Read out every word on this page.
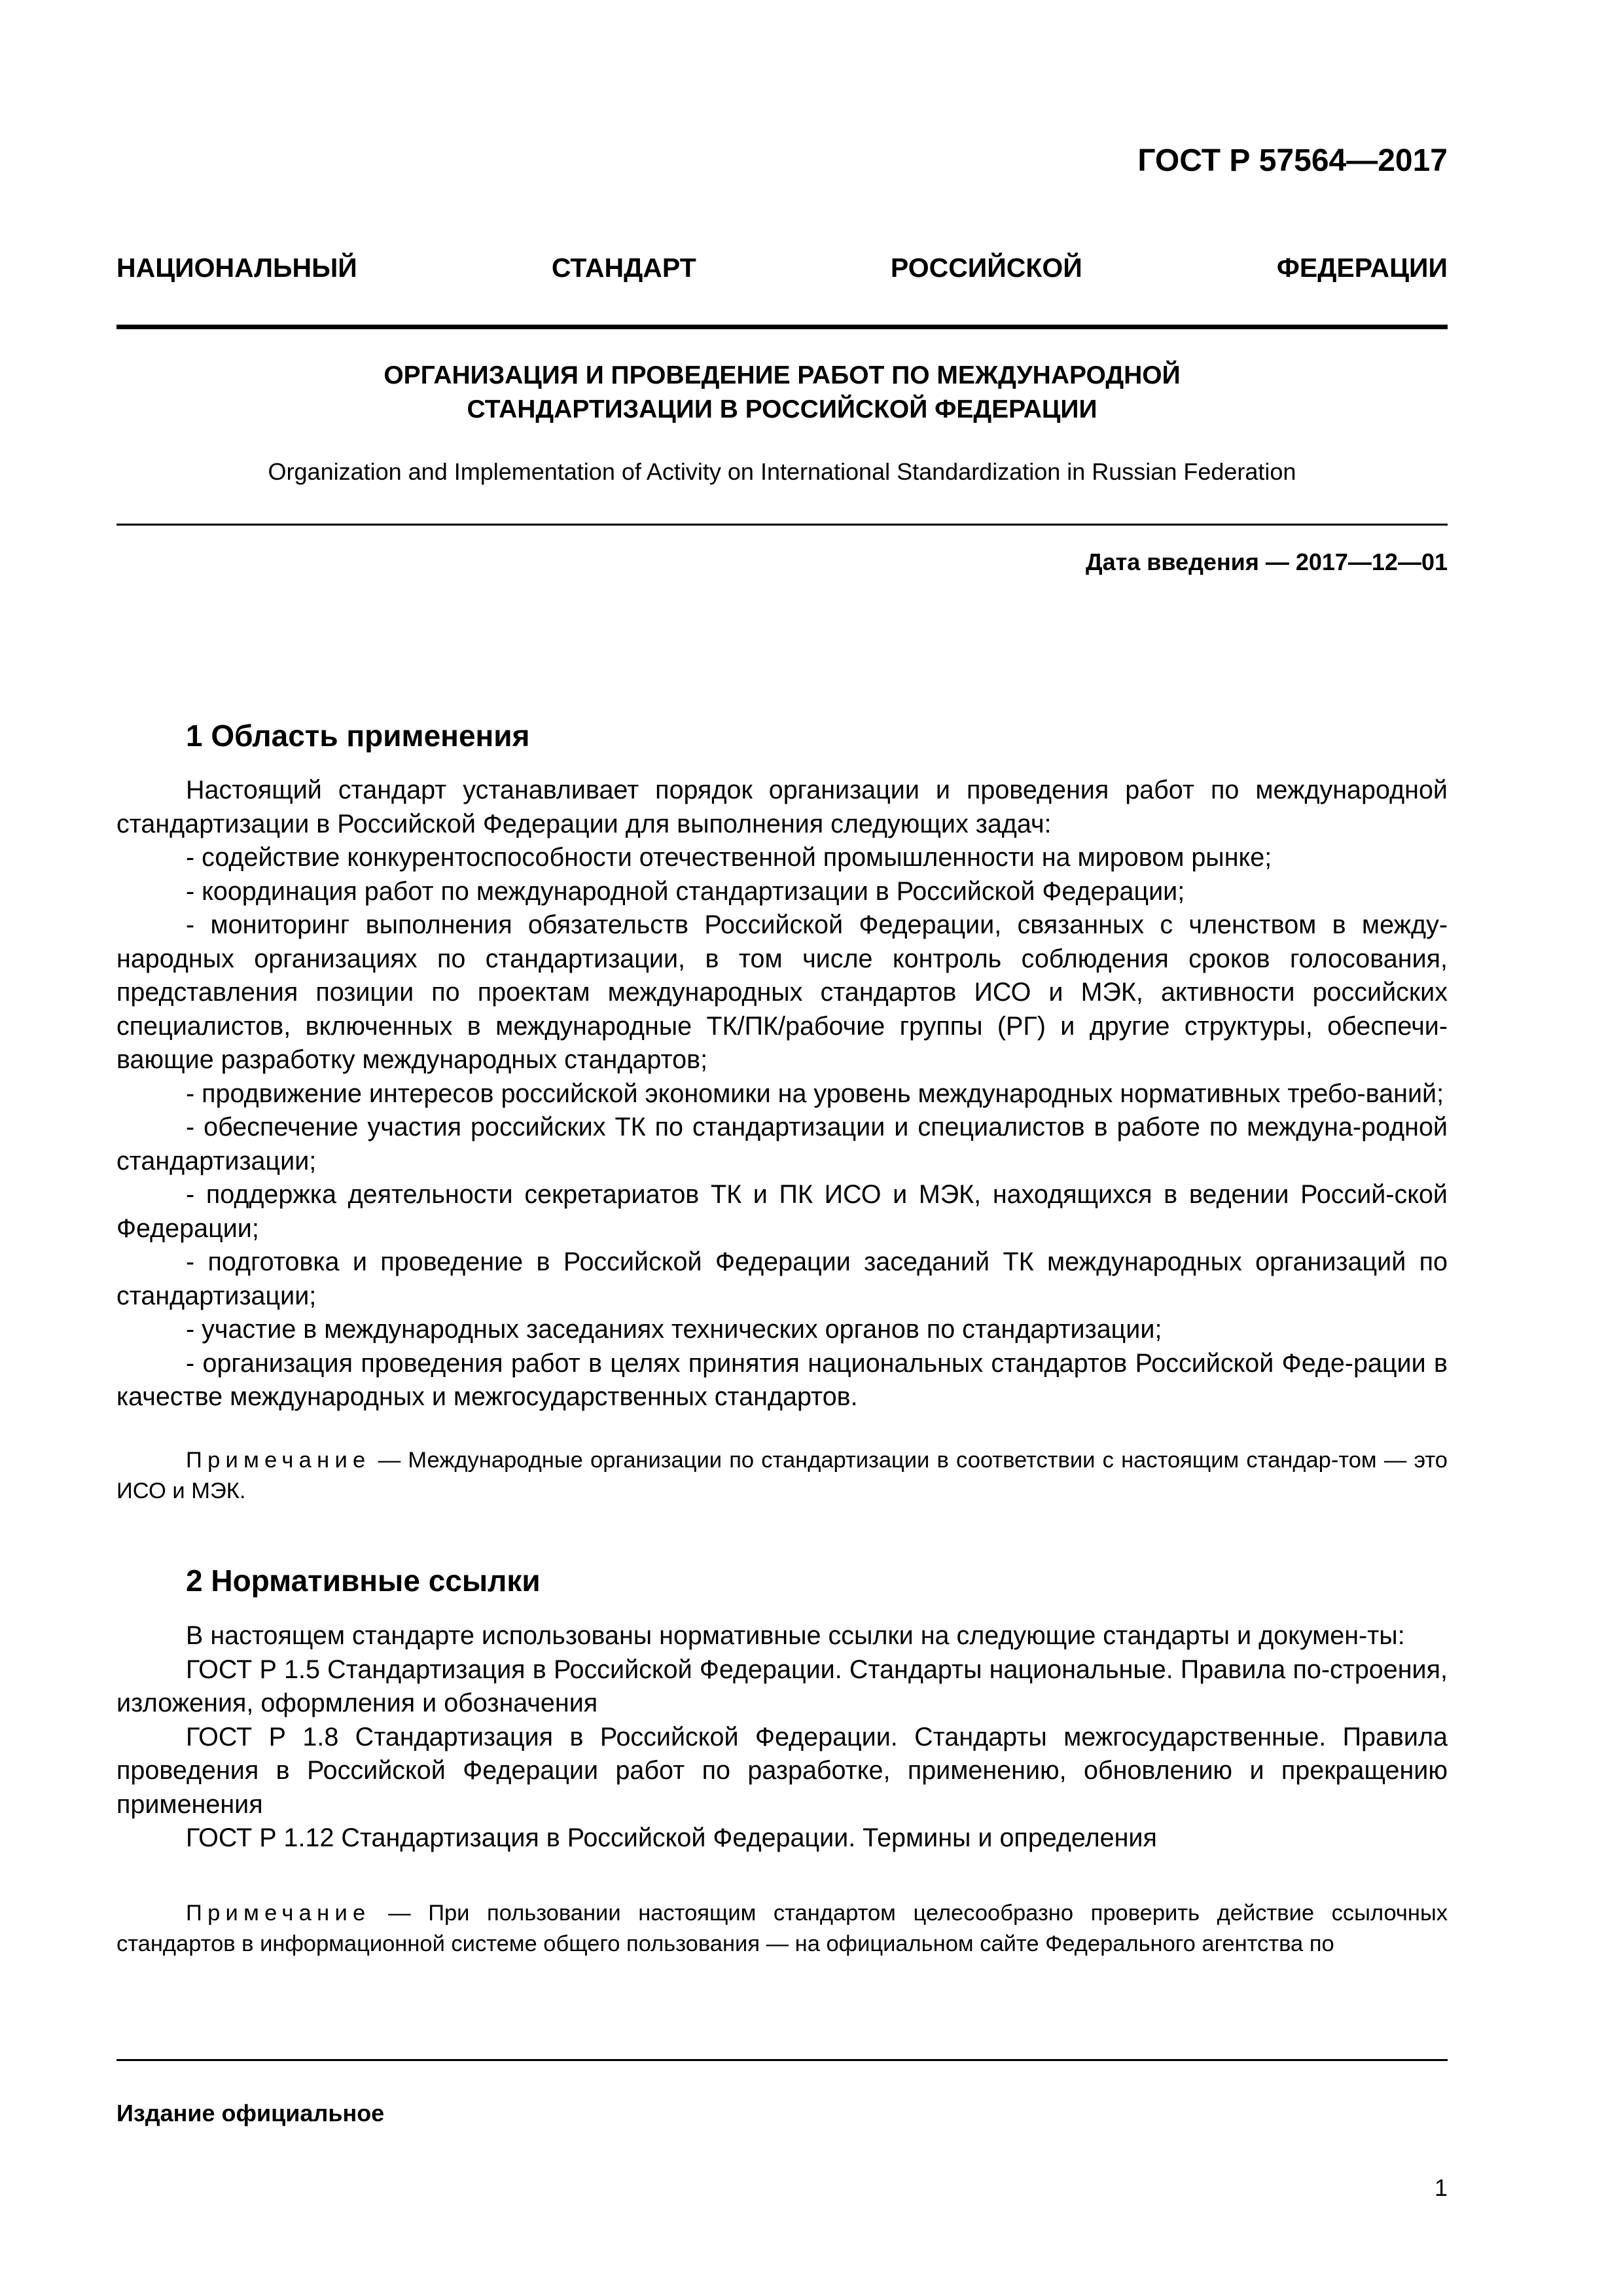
ГОСТ Р 57564—2017
НАЦИОНАЛЬНЫЙ СТАНДАРТ РОССИЙСКОЙ ФЕДЕРАЦИИ
ОРГАНИЗАЦИЯ И ПРОВЕДЕНИЕ РАБОТ ПО МЕЖДУНАРОДНОЙ
СТАНДАРТИЗАЦИИ В РОССИЙСКОЙ ФЕДЕРАЦИИ
Organization and Implementation of Activity on International Standardization in Russian Federation
Дата введения — 2017—12—01
1 Область применения

Настоящий стандарт устанавливает порядок организации и проведения работ по международной стандартизации в Российской Федерации для выполнения следующих задач:

- содействие конкурентоспособности отечественной промышленности на мировом рынке;

- координация работ по международной стандартизации в Российской Федерации;

- мониторинг выполнения обязательств Российской Федерации, связанных с членством в между-народных организациях по стандартизации, в том числе контроль соблюдения сроков голосования, представления позиции по проектам международных стандартов ИСО и МЭК, активности российских специалистов, включенных в международные ТК/ПК/рабочие группы (РГ) и другие структуры, обеспечи-вающие разработку международных стандартов;

- продвижение интересов российской экономики на уровень международных нормативных требо-ваний;

- обеспечение участия российских ТК по стандартизации и специалистов в работе по междуна-родной стандартизации;

- поддержка деятельности секретариатов ТК и ПК ИСО и МЭК, находящихся в ведении Россий-ской Федерации;

- подготовка и проведение в Российской Федерации заседаний ТК международных организаций по стандартизации;

- участие в международных заседаниях технических органов по стандартизации;

- организация проведения работ в целях принятия национальных стандартов Российской Феде-рации в качестве международных и межгосударственных стандартов.

Примечание — Международные организации по стандартизации в соответствии с настоящим стандар-том — это ИСО и МЭК.

2 Нормативные ссылки

В настоящем стандарте использованы нормативные ссылки на следующие стандарты и докумен-ты:

ГОСТ Р 1.5 Стандартизация в Российской Федерации. Стандарты национальные. Правила по-строения, изложения, оформления и обозначения

ГОСТ Р 1.8 Стандартизация в Российской Федерации. Стандарты межгосударственные. Правила проведения в Российской Федерации работ по разработке, применению, обновлению и прекращению применения

ГОСТ Р 1.12 Стандартизация в Российской Федерации. Термины и определения

Примечание — При пользовании настоящим стандартом целесообразно проверить действие ссылочных стандартов в информационной системе общего пользования — на официальном сайте Федерального агентства по

Издание официальное
1
